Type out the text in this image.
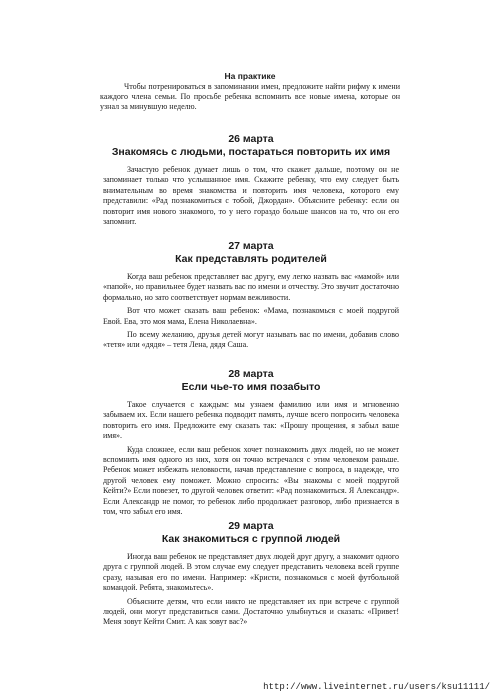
На практике

Чтобы потренироваться в запоминании имен, предложите найти рифму к имени каждого члена семьи. По просьбе ребенка вспомнить все новые имена, которые он узнал за минувшую неделю.

26 марта
Знакомясь с людьми, постараться повторить их имя

Зачастую ребенок думает лишь о том, что скажет дальше, поэтому он не запоминает только что услышанное имя. Скажите ребенку, что ему следует быть внимательным во время знакомства и повторить имя человека, которого ему представили: «Рад познакомиться с тобой, Джордан». Объясните ребенку: если он повторит имя нового знакомого, то у него гораздо больше шансов на то, что он его запомнит.

27 марта
Как представлять родителей

Когда ваш ребенок представляет вас другу, ему легко назвать вас «мамой» или «папой», но правильнее будет назвать вас по имени и отчеству. Это звучит достаточно формально, но зато соответствует нормам вежливости.

Вот что может сказать ваш ребенок: «Мама, познакомься с моей подругой Евой. Ева, это моя мама, Елена Николаевна».

По всему желанию, друзья детей могут называть вас по имени, добавив слово «тетя» или «дядя» – тетя Лена, дядя Саша.

28 марта
Если чье-то имя позабыто

Такое случается с каждым: мы узнаем фамилию или имя и мгновенно забываем их. Если нашего ребенка подводит память, лучше всего попросить человека повторить его имя. Предложите ему сказать так: «Прошу прощения, я забыл ваше имя».

Куда сложнее, если ваш ребенок хочет познакомить двух людей, но не может вспомнить имя одного из них, хотя он точно встречался с этим человеком раньше. Ребенок может избежать неловкости, начав представление с вопроса, в надежде, что другой человек ему поможет. Можно спросить: «Вы знакомы с моей подругой Кейти?» Если повезет, то другой человек ответит: «Рад познакомиться. Я Александр». Если Александр не помог, то ребенок либо продолжает разговор, либо признается в том, что забыл его имя.

29 марта
Как знакомиться с группой людей

Иногда ваш ребенок не представляет двух людей друг другу, а знакомит одного друга с группой людей. В этом случае ему следует представить человека всей группе сразу, называя его по имени. Например: «Кристи, познакомься с моей футбольной командой. Ребята, знакомьтесь».

Объясните детям, что если никто не представляет их при встрече с группой людей, они могут представиться сами. Достаточно улыбнуться и сказать: «Привет! Меня зовут Кейти Смит. А как зовут вас?»

http://www.liveinternet.ru/users/ksu11111/
